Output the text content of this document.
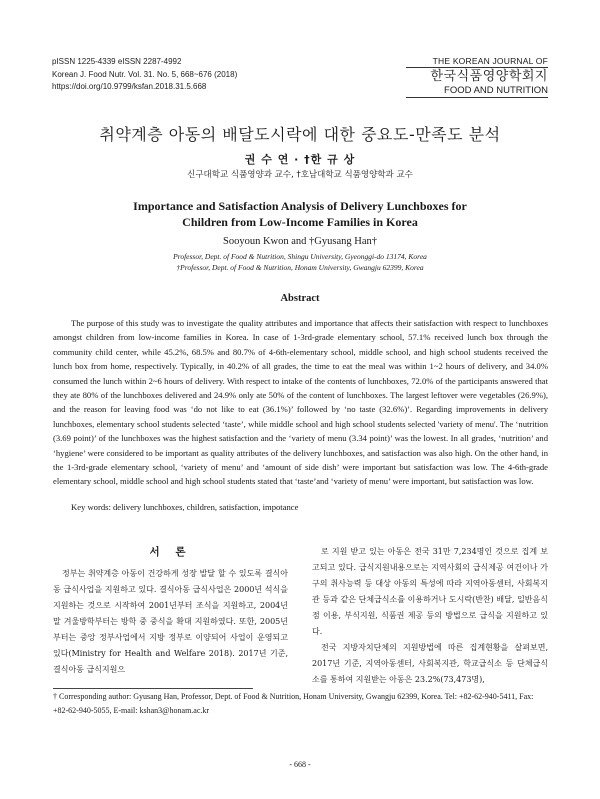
pISSN 1225-4339 eISSN 2287-4992
Korean J. Food Nutr. Vol. 31. No. 5, 668~676 (2018)
https://doi.org/10.9799/ksfan.2018.31.5.668
THE KOREAN JOURNAL OF
한국식품영양학회지
FOOD AND NUTRITION
취약계층 아동의 배달도시락에 대한 중요도-만족도 분석
권 수 연 · †한 규 상
신구대학교 식품영양과 교수, †호남대학교 식품영양학과 교수
Importance and Satisfaction Analysis of Delivery Lunchboxes for
Children from Low-Income Families in Korea
Sooyoun Kwon and †Gyusang Han†
Professor, Dept. of Food & Nutrition, Shingu University, Gyeonggi-do 13174, Korea
†Professor, Dept. of Food & Nutrition, Honam University, Gwangju 62399, Korea
Abstract

The purpose of this study was to investigate the quality attributes and importance that affects their satisfaction with respect to lunchboxes amongst children from low-income families in Korea. In case of 1-3rd-grade elementary school, 57.1% received lunch box through the community child center, while 45.2%, 68.5% and 80.7% of 4-6th-elementary school, middle school, and high school students received the lunch box from home, respectively. Typically, in 40.2% of all grades, the time to eat the meal was within 1~2 hours of delivery, and 34.0% consumed the lunch within 2~6 hours of delivery. With respect to intake of the contents of lunchboxes, 72.0% of the participants answered that they ate 80% of the lunchboxes delivered and 24.9% only ate 50% of the content of lunchboxes. The largest leftover were vegetables (26.9%), and the reason for leaving food was ‘do not like to eat (36.1%)’ followed by ‘no taste (32.6%)’. Regarding improvements in delivery lunchboxes, elementary school students selected ‘taste’, while middle school and high school students selected 'variety of menu'. The ‘nutrition (3.69 point)’ of the lunchboxes was the highest satisfaction and the ‘variety of menu (3.34 point)’ was the lowest. In all grades, ‘nutrition’ and ‘hygiene’ were considered to be important as quality attributes of the delivery lunchboxes, and satisfaction was also high. On the other hand, in the 1-3rd-grade elementary school, ‘variety of menu’ and ‘amount of side dish’ were important but satisfaction was low. The 4-6th-grade elementary school, middle school and high school students stated that ‘taste’and ‘variety of menu’ were important, but satisfaction was low.

Key words: delivery lunchboxes, children, satisfaction, impotance
서 론

정부는 취약계층 아동이 건강하게 성장 발달 할 수 있도록 결식아동 급식사업을 지원하고 있다. 결식아동 급식사업은 2000년 석식을 지원하는 것으로 시작하여 2001년부터 조식을 지원하고, 2004년 말 겨울방학부터는 방학 중 중식을 확대 지원하였다. 또한, 2005년부터는 중앙 정부사업에서 지방 정부로 이양되어 사업이 운영되고 있다(Ministry for Health and Welfare 2018). 2017년 기준, 결식아동 급식지원으

로 지원 받고 있는 아동은 전국 31만 7,234명인 것으로 집계 보고되고 있다. 급식지원내용으로는 지역사회의 급식제공 여건이나 가구의 취사능력 등 대상 아동의 특성에 따라 지역아동센터, 사회복지관 등과 같은 단체급식소를 이용하거나 도시락(반찬) 배달, 일반음식점 이용, 부식지원, 식품권 제공 등의 방법으로 급식을 지원하고 있다.

전국 지방자치단체의 지원방법에 따른 집계현황을 살펴보면, 2017년 기준, 지역아동센터, 사회복지관, 학교급식소 등 단체급식소를 통하여 지원받는 아동은 23.2%(73,473명),

† Corresponding author: Gyusang Han, Professor, Dept. of Food & Nutrition, Honam University, Gwangju 62399, Korea. Tel: +82-62-940-5411, Fax: +82-62-940-5055, E-mail: kshan3@honam.ac.kr
- 668 -
